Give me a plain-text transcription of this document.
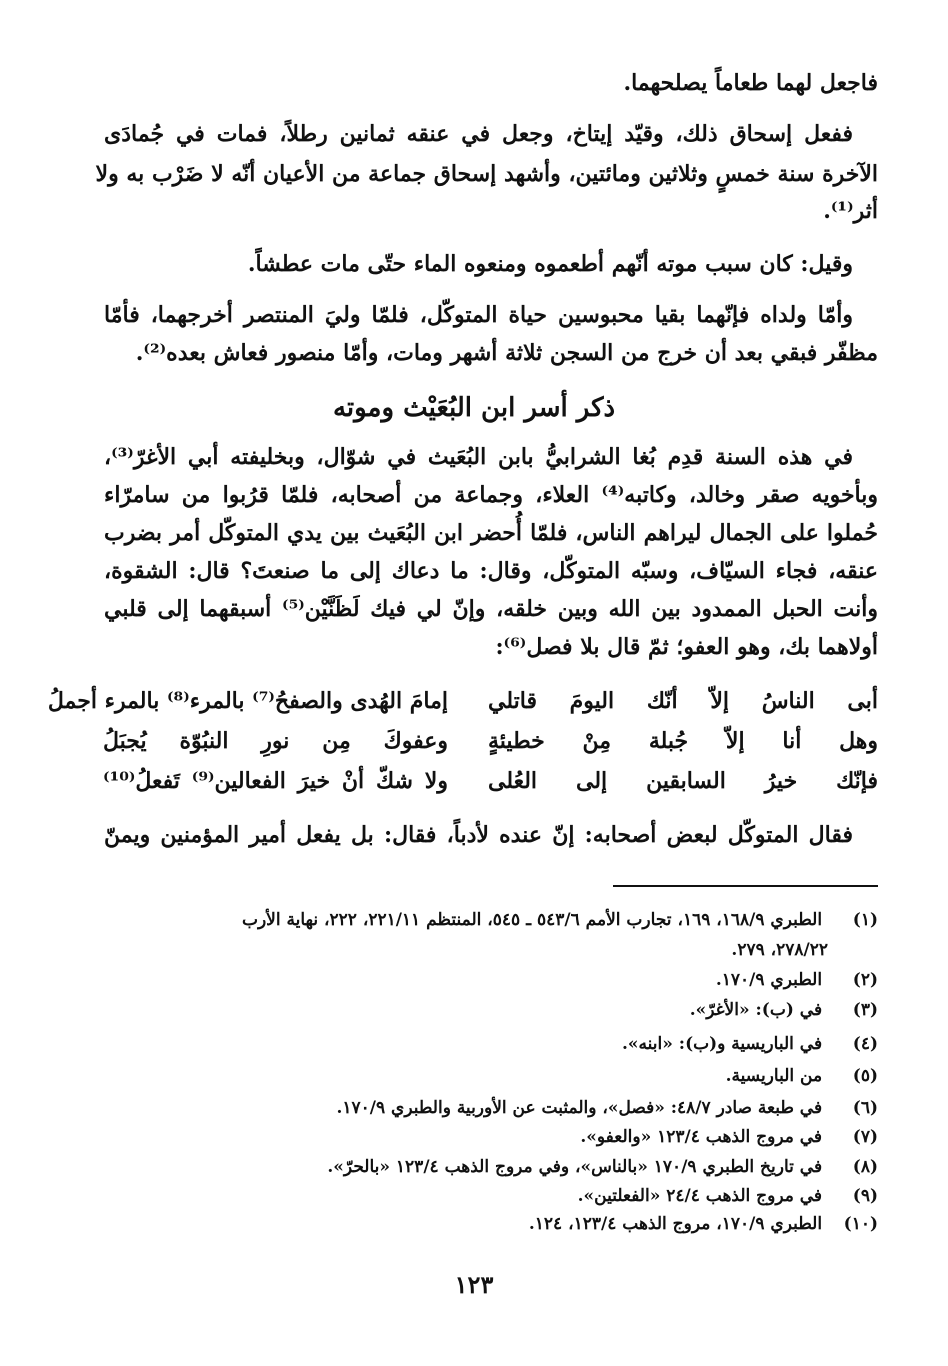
فاجعل لهما طعاماً يصلحهما.
ففعل إسحاق ذلك، وقيّد إيتاخ، وجعل في عنقه ثمانين رطلاً، فمات في جُمادَى
الآخرة سنة خمسٍ وثلاثين ومائتين، وأشهد إسحاق جماعة من الأعيان أنّه لا ضَرْب به ولا
أثر⁽¹⁾.
وقيل: كان سبب موته أنّهم أطعموه ومنعوه الماء حتّى مات عطشاً.
وأمّا ولداه فإنّهما بقيا محبوسين حياة المتوكّل، فلمّا وليَ المنتصر أخرجهما، فأمّا
مظفّر فبقي بعد أن خرج من السجن ثلاثة أشهر ومات، وأمّا منصور فعاش بعده⁽²⁾.
ذكر أسر ابن البُعَيْث وموته
في هذه السنة قدِم بُغا الشرابيُّ بابن البُعَيث في شوّال، وبخليفته أبي الأغرّ⁽³⁾،
وبأخويه صقر وخالد، وكاتبه⁽⁴⁾ العلاء، وجماعة من أصحابه، فلمّا قرُبوا من سامرّاء
حُملوا على الجمال ليراهم الناس، فلمّا أُحضر ابن البُعَيث بين يدي المتوكّل أمر بضرب
عنقه، فجاء السيّاف، وسبّه المتوكّل، وقال: ما دعاك إلى ما صنعتَ؟ قال: الشقوة،
وأنت الحبل الممدود بين الله وبين خلقه، وإنّ لي فيك لَظَنَّيْن⁽⁵⁾ أسبقهما إلى قلبي
أولاهما بك، وهو العفو؛ ثمّ قال بلا فصل⁽⁶⁾:
أبى الناسُ إلاّ أنّك اليومَ قاتلي
إمامَ الهُدى والصفحُ⁽⁷⁾ بالمرء⁽⁸⁾ بالمرء أجملُ
وهل أنا إلاّ جُبلة مِنْ خطيئةٍ
وعفوكَ مِن نورِ النبُوّة يُجبَلُ
فإنّك خيرُ السابقين إلى العُلى
ولا شكّ أنْ خيرَ الفعالين⁽⁹⁾ تَفعلُ⁽¹⁰⁾
فقال المتوكّل لبعض أصحابه: إنّ عنده لأدباً، فقال: بل يفعل أمير المؤمنين ويمنّ
(١) الطبري ١٦٨/٩، ١٦٩، تجارب الأمم ٥٤٣/٦ ـ ٥٤٥، المنتظم ٢٢١/١١، ٢٢٢، نهاية الأرب
٢٧٨/٢٢، ٢٧٩.
(٢) الطبري ١٧٠/٩.
(٣) في (ب): «الأغرّ».
(٤) في الباريسية و(ب): «ابنه».
(٥) من الباريسية.
(٦) في طبعة صادر ٤٨/٧: «فصل»، والمثبت عن الأوربية والطبري ١٧٠/٩.
(٧) في مروج الذهب ١٢٣/٤ «والعفو».
(٨) في تاريخ الطبري ١٧٠/٩ «بالناس»، وفي مروج الذهب ١٢٣/٤ «بالحرّ».
(٩) في مروج الذهب ٢٤/٤ «الفعلتين».
(١٠) الطبري ١٧٠/٩، مروج الذهب ١٢٣/٤، ١٢٤.
١٢٣
